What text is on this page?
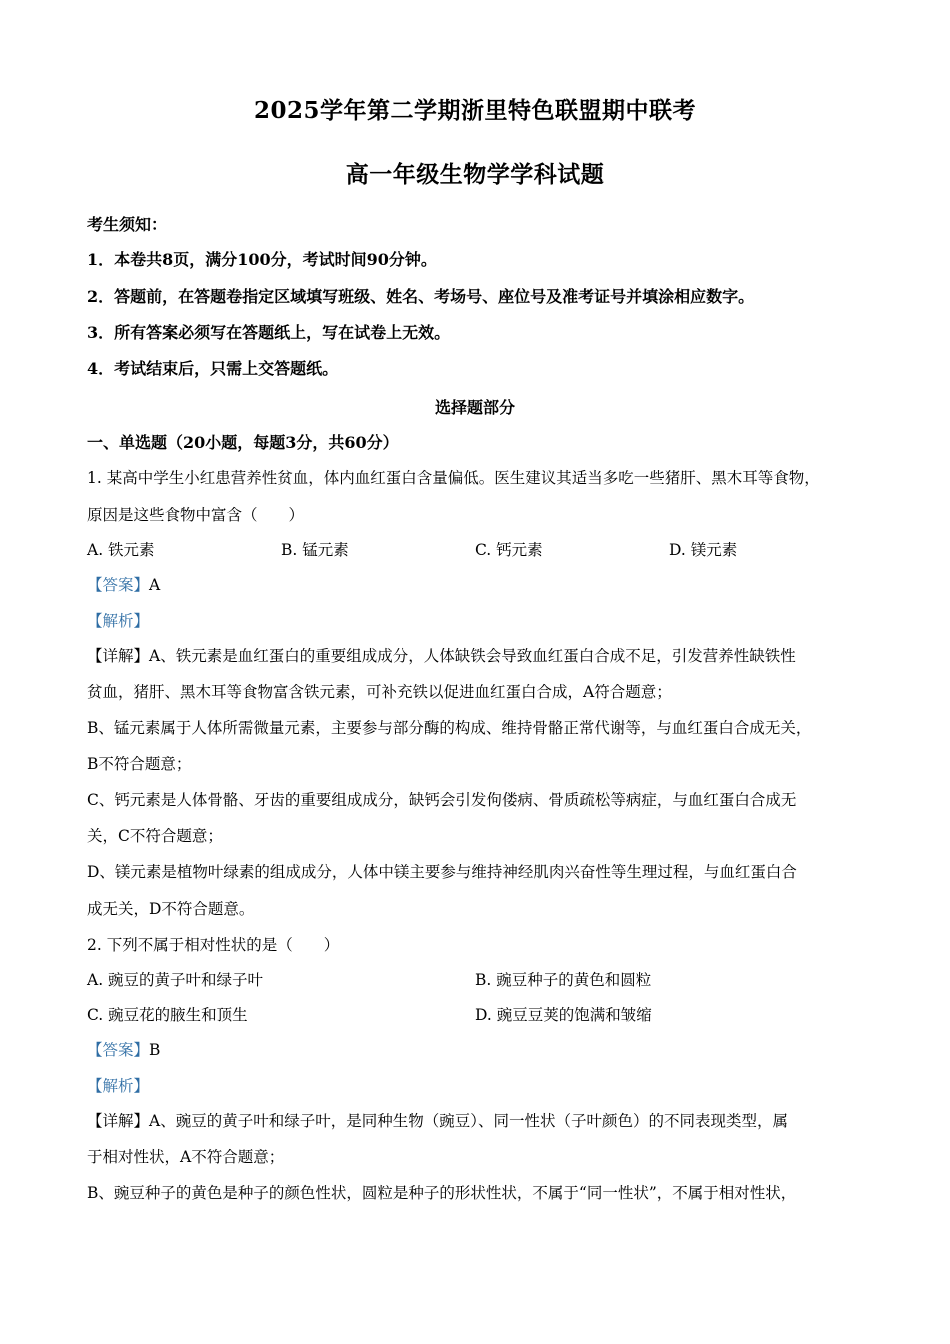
2025学年第二学期浙里特色联盟期中联考
高一年级生物学学科试题
考生须知：
1．本卷共8页，满分100分，考试时间90分钟。
2．答题前，在答题卷指定区域填写班级、姓名、考场号、座位号及准考证号并填涂相应数字。
3．所有答案必须写在答题纸上，写在试卷上无效。
4．考试结束后，只需上交答题纸。
选择题部分
一、单选题（20小题，每题3分，共60分）
1. 某高中学生小红患营养性贫血，体内血红蛋白含量偏低。医生建议其适当多吃一些猪肝、黑木耳等食物，
原因是这些食物中富含（　　）
A. 铁元素	B. 锰元素	C. 钙元素	D. 镁元素
【答案】A
【解析】
【详解】A、铁元素是血红蛋白的重要组成成分，人体缺铁会导致血红蛋白合成不足，引发营养性缺铁性
贫血，猪肝、黑木耳等食物富含铁元素，可补充铁以促进血红蛋白合成，A符合题意；
B、锰元素属于人体所需微量元素，主要参与部分酶的构成、维持骨骼正常代谢等，与血红蛋白合成无关，
B不符合题意；
C、钙元素是人体骨骼、牙齿的重要组成成分，缺钙会引发佝偻病、骨质疏松等病症，与血红蛋白合成无
关，C不符合题意；
D、镁元素是植物叶绿素的组成成分，人体中镁主要参与维持神经肌肉兴奋性等生理过程，与血红蛋白合
成无关，D不符合题意。
2. 下列不属于相对性状的是（　　）
A. 豌豆的黄子叶和绿子叶	B. 豌豆种子的黄色和圆粒
C. 豌豆花的腋生和顶生	D. 豌豆豆荚的饱满和皱缩
【答案】B
【解析】
【详解】A、豌豆的黄子叶和绿子叶，是同种生物（豌豆）、同一性状（子叶颜色）的不同表现类型，属
于相对性状，A不符合题意；
B、豌豆种子的黄色是种子的颜色性状，圆粒是种子的形状性状，不属于“同一性状”，不属于相对性状，
